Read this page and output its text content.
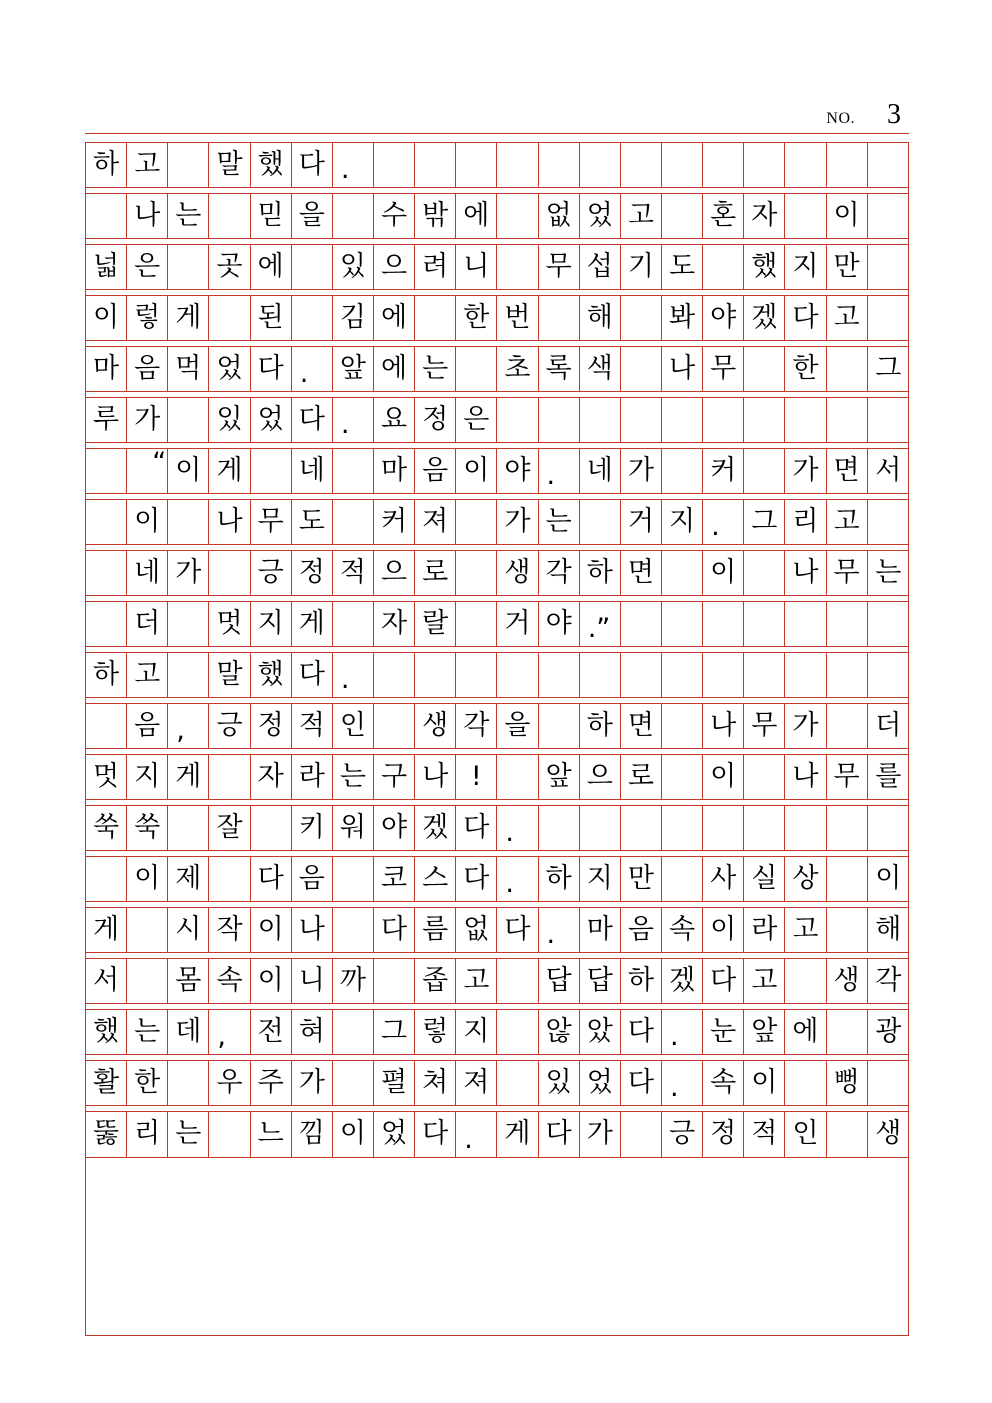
NO. 3
하 고 말 했 다 .
나 는 믿 을 수 밖 에 없 었 고 혼 자 이
넓 은 곳 에 있 으 려 니 무 섭 기 도 했 지 만
이 렇 게 된 김 에 한 번 해 봐 야 겠 다 고
마 음 먹 었 다 .	앞 에 는 초 록 색 나 무 한 그
루 가 있 었 다 .	요 정 은
“ 이 게 네 마 음 이 야 .	네 가 커 가 면 서
이 나 무 도 커 져 가 는 거 지 .	그 리 고
네 가 긍 정 적 으 로 생 각 하 면 이 나 무 는
더 멋 지 게 자 랄 거 야 .”
하 고 말 했 다 .
음 ,	긍 정 적 인 생 각 을 하 면 나 무 가 더
멋 지 게 자 라 는 구 나 !	앞 으 로 이 나 무 를
쑥 쑥 잘 키 워 야 겠 다 .
이 제 다 음 코 스 다 .	하 지 만 사 실 상 이
게 시 작 이 나 다 름 없 다 .	마 음 속 이 라 고 해
서 몸 속 이 니 까 좁 고 답 답 하 겠 다 고 생 각
했 는 데 ,	전 혀 그 렇 지 않 았 다 .	눈 앞 에 광
활 한 우 주 가 펼 쳐 져 있 었 다 .	속 이 뻥
뚫 리 는 느 낌 이 었 다 .	게 다 가 긍 정 적 인 생
